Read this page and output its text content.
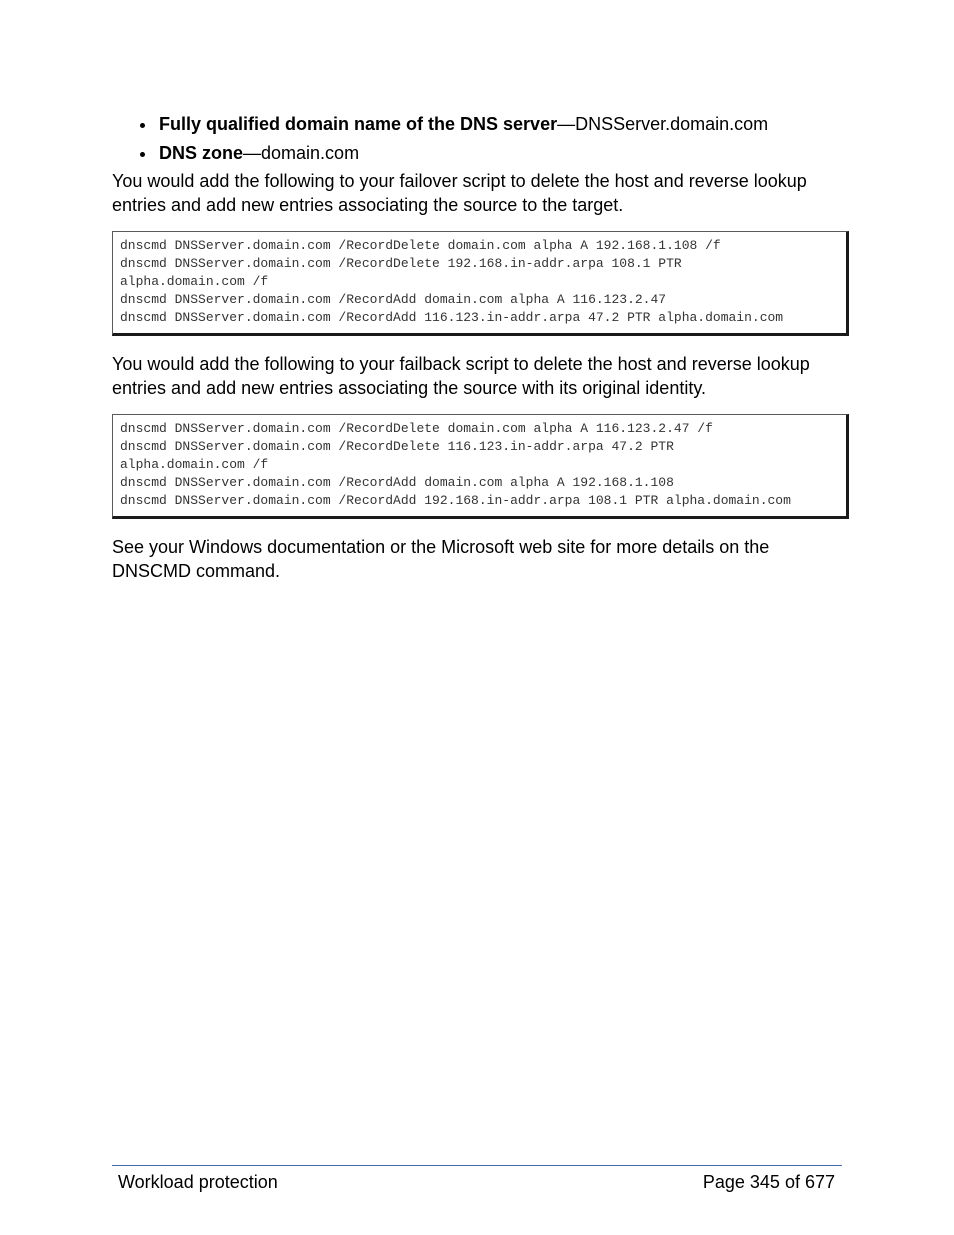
Fully qualified domain name of the DNS server—DNSServer.domain.com
DNS zone—domain.com

You would add the following to your failover script to delete the host and reverse lookup entries and add new entries associating the source to the target.

dnscmd DNSServer.domain.com /RecordDelete domain.com alpha A 192.168.1.108 /f
dnscmd DNSServer.domain.com /RecordDelete 192.168.in-addr.arpa 108.1 PTR
alpha.domain.com /f
dnscmd DNSServer.domain.com /RecordAdd domain.com alpha A 116.123.2.47
dnscmd DNSServer.domain.com /RecordAdd 116.123.in-addr.arpa 47.2 PTR alpha.domain.com

You would add the following to your failback script to delete the host and reverse lookup entries and add new entries associating the source with its original identity.

dnscmd DNSServer.domain.com /RecordDelete domain.com alpha A 116.123.2.47 /f
dnscmd DNSServer.domain.com /RecordDelete 116.123.in-addr.arpa 47.2 PTR
alpha.domain.com /f
dnscmd DNSServer.domain.com /RecordAdd domain.com alpha A 192.168.1.108
dnscmd DNSServer.domain.com /RecordAdd 192.168.in-addr.arpa 108.1 PTR alpha.domain.com

See your Windows documentation or the Microsoft web site for more details on the DNSCMD command.

Workload protection	Page 345 of 677
